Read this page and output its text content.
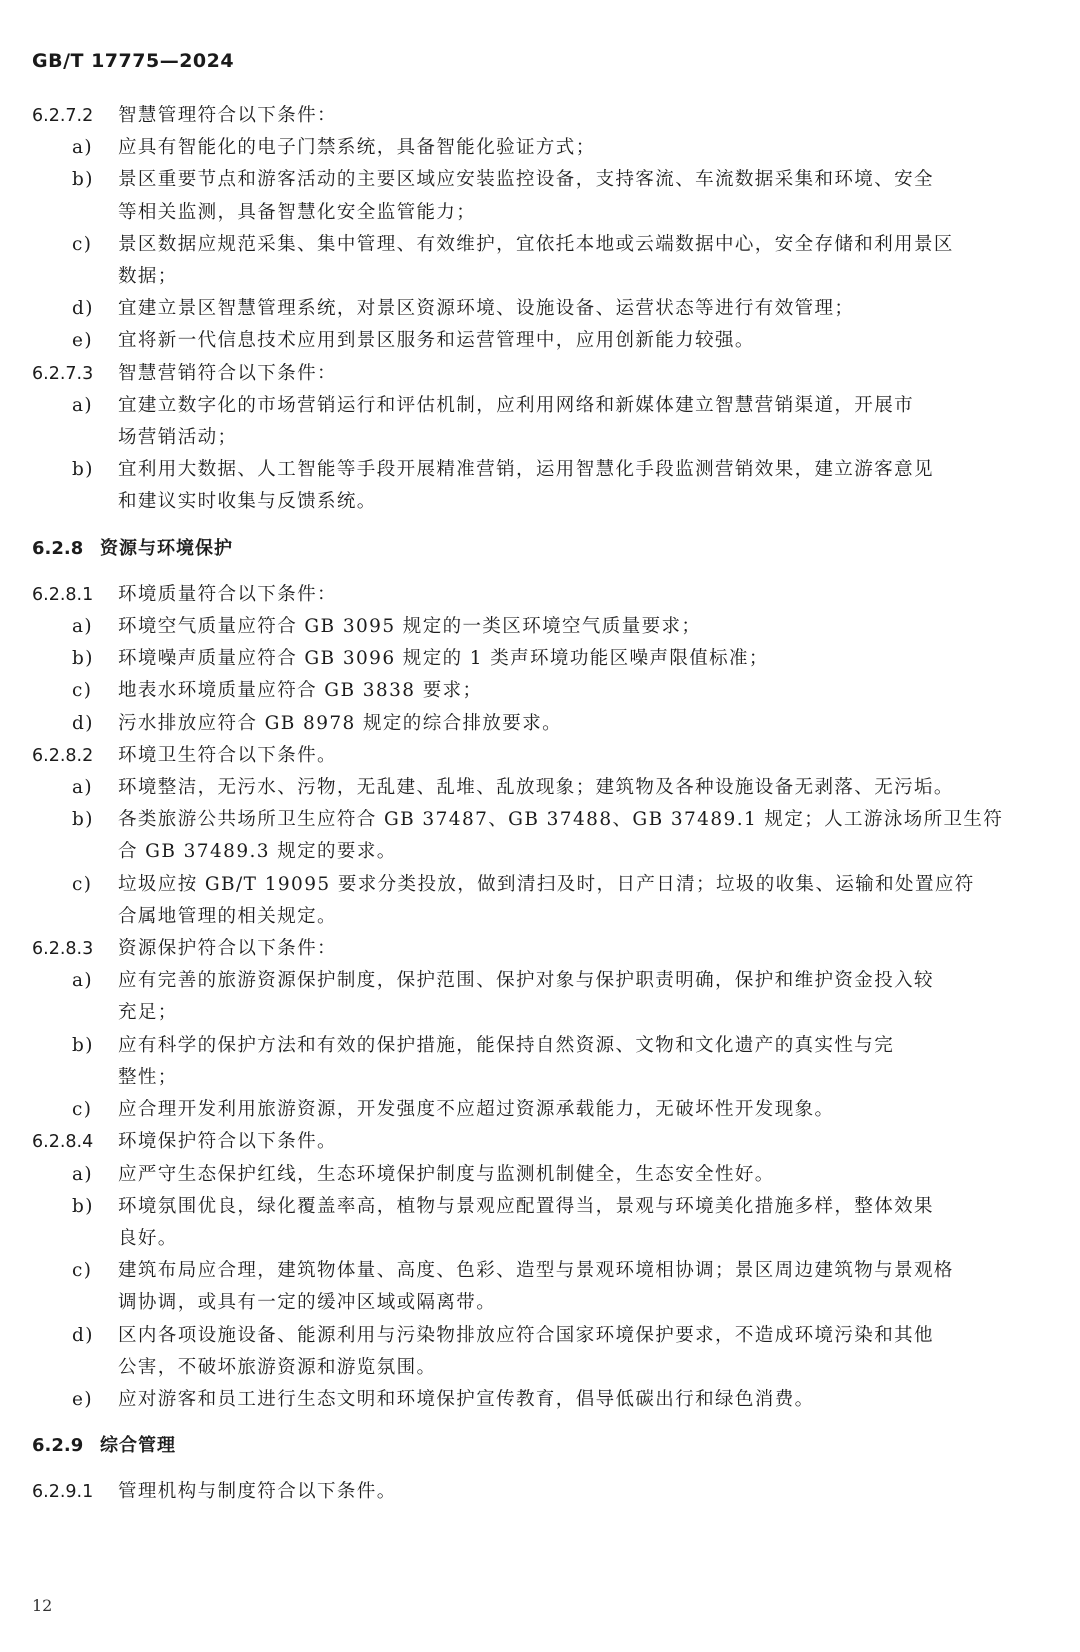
GB/T 17775—2024
6.2.7.2	智慧管理符合以下条件：
a)	应具有智能化的电子门禁系统，具备智能化验证方式；
b)	景区重要节点和游客活动的主要区域应安装监控设备，支持客流、车流数据采集和环境、安全
等相关监测，具备智慧化安全监管能力；
c)	景区数据应规范采集、集中管理、有效维护，宜依托本地或云端数据中心，安全存储和利用景区
数据；
d)	宜建立景区智慧管理系统，对景区资源环境、设施设备、运营状态等进行有效管理；
e)	宜将新一代信息技术应用到景区服务和运营管理中，应用创新能力较强。
6.2.7.3	智慧营销符合以下条件：
a)	宜建立数字化的市场营销运行和评估机制，应利用网络和新媒体建立智慧营销渠道，开展市
场营销活动；
b)	宜利用大数据、人工智能等手段开展精准营销，运用智慧化手段监测营销效果，建立游客意见
和建议实时收集与反馈系统。
6.2.8 资源与环境保护
6.2.8.1	环境质量符合以下条件：
a)	环境空气质量应符合 GB 3095 规定的一类区环境空气质量要求；
b)	环境噪声质量应符合 GB 3096 规定的 1 类声环境功能区噪声限值标准；
c)	地表水环境质量应符合 GB 3838 要求；
d)	污水排放应符合 GB 8978 规定的综合排放要求。
6.2.8.2	环境卫生符合以下条件。
a)	环境整洁，无污水、污物，无乱建、乱堆、乱放现象；建筑物及各种设施设备无剥落、无污垢。
b)	各类旅游公共场所卫生应符合 GB 37487、GB 37488、GB 37489.1 规定；人工游泳场所卫生符
合 GB 37489.3 规定的要求。
c)	垃圾应按 GB/T 19095 要求分类投放，做到清扫及时，日产日清；垃圾的收集、运输和处置应符
合属地管理的相关规定。
6.2.8.3	资源保护符合以下条件：
a)	应有完善的旅游资源保护制度，保护范围、保护对象与保护职责明确，保护和维护资金投入较
充足；
b)	应有科学的保护方法和有效的保护措施，能保持自然资源、文物和文化遗产的真实性与完
整性；
c)	应合理开发利用旅游资源，开发强度不应超过资源承载能力，无破坏性开发现象。
6.2.8.4	环境保护符合以下条件。
a)	应严守生态保护红线，生态环境保护制度与监测机制健全，生态安全性好。
b)	环境氛围优良，绿化覆盖率高，植物与景观应配置得当，景观与环境美化措施多样，整体效果
良好。
c)	建筑布局应合理，建筑物体量、高度、色彩、造型与景观环境相协调；景区周边建筑物与景观格
调协调，或具有一定的缓冲区域或隔离带。
d)	区内各项设施设备、能源利用与污染物排放应符合国家环境保护要求，不造成环境污染和其他
公害，不破坏旅游资源和游览氛围。
e)	应对游客和员工进行生态文明和环境保护宣传教育，倡导低碳出行和绿色消费。
6.2.9 综合管理
6.2.9.1	管理机构与制度符合以下条件。
12
